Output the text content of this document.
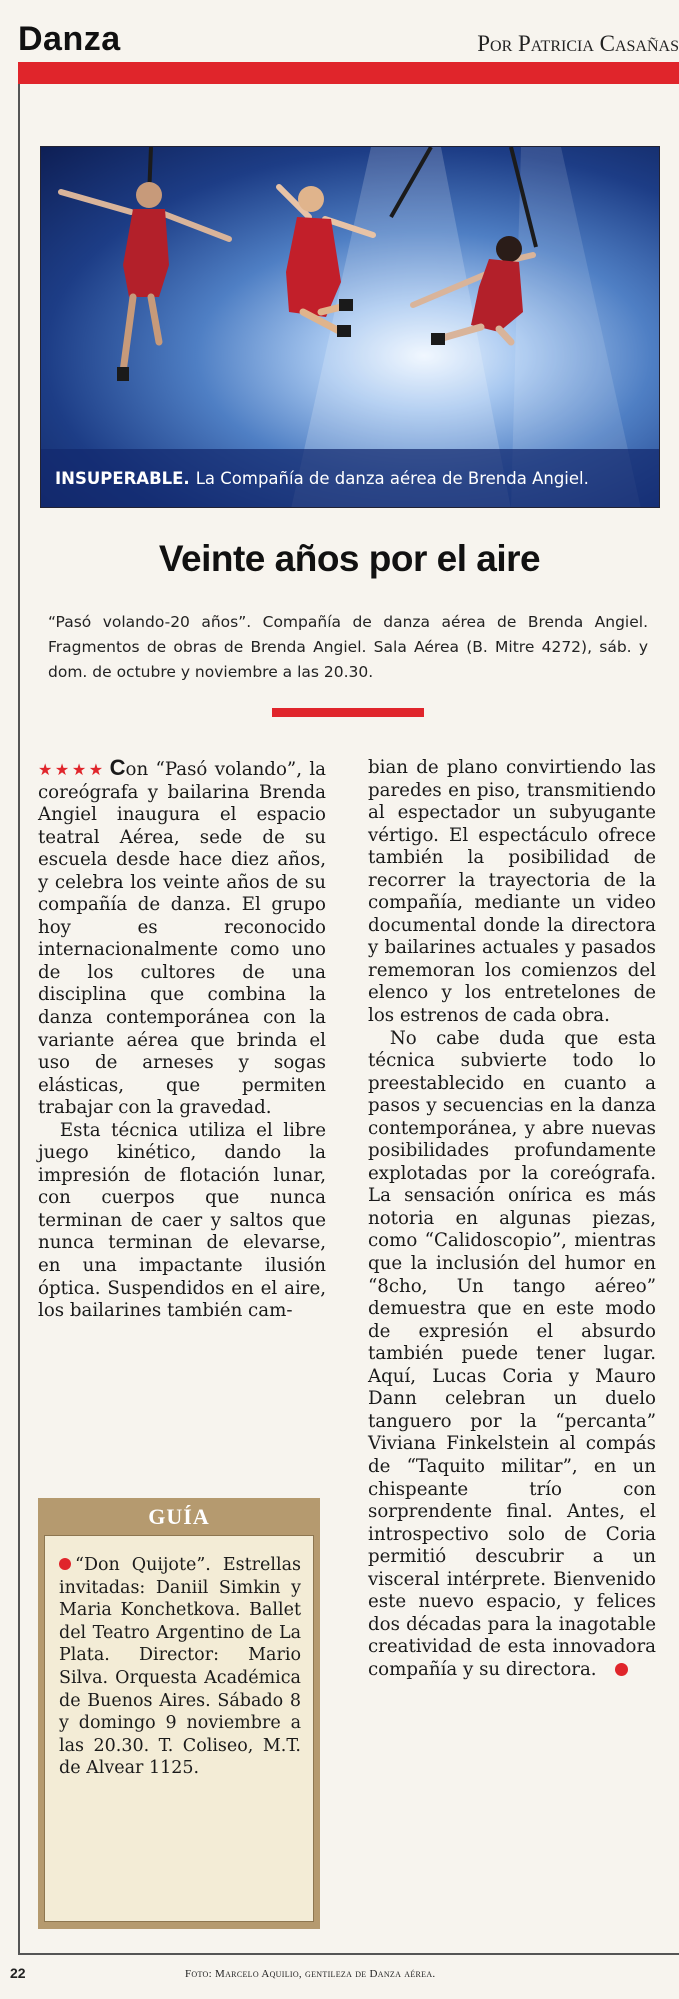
Danza	Por Patricia Casañas
INSUPERABLE. La Compañía de danza aérea de Brenda Angiel.
Veinte años por el aire

“Pasó volando-20 años”. Compañía de danza aérea de Brenda Angiel. Fragmentos de obras de Brenda Angiel. Sala Aérea (B. Mitre 4272), sáb. y dom. de octubre y noviembre a las 20.30.

★★★★ Con “Pasó volando”, la coreógrafa y bailarina Brenda Angiel inaugura el espacio teatral Aérea, sede de su escuela desde hace diez años, y celebra los veinte años de su compañía de danza. El grupo hoy es reconocido internacionalmente como uno de los cultores de una disciplina que combina la danza contemporánea con la variante aérea que brinda el uso de arneses y sogas elásticas, que permiten trabajar con la gravedad.

Esta técnica utiliza el libre juego kinético, dando la impresión de flotación lunar, con cuerpos que nunca terminan de caer y saltos que nunca terminan de elevarse, en una impactante ilusión óptica. Suspendidos en el aire, los bailarines también cam-

bian de plano convirtiendo las paredes en piso, transmitiendo al espectador un subyugante vértigo. El espectáculo ofrece también la posibilidad de recorrer la trayectoria de la compañía, mediante un video documental donde la directora y bailarines actuales y pasados rememoran los comienzos del elenco y los entretelones de los estrenos de cada obra.

No cabe duda que esta técnica subvierte todo lo preestablecido en cuanto a pasos y secuencias en la danza contemporánea, y abre nuevas posibilidades profundamente explotadas por la coreógrafa. La sensación onírica es más notoria en algunas piezas, como “Calidoscopio”, mientras que la inclusión del humor en “8cho, Un tango aéreo” demuestra que en este modo de expresión el absurdo también puede tener lugar. Aquí, Lucas Coria y Mauro Dann celebran un duelo tanguero por la “percanta” Viviana Finkelstein al compás de “Taquito militar”, en un chispeante trío con sorprendente final. Antes, el introspectivo solo de Coria permitió descubrir a un visceral intérprete. Bienvenido este nuevo espacio, y felices dos décadas para la inagotable creatividad de esta innovadora compañía y su directora.

GUÍA
“Don Quijote”. Estrellas invitadas: Daniil Simkin y Maria Konchetkova. Ballet del Teatro Argentino de La Plata. Director: Mario Silva. Orquesta Académica de Buenos Aires. Sábado 8 y domingo 9 noviembre a las 20.30. T. Coliseo, M.T. de Alvear 1125.
22	Foto: Marcelo Aquilio, gentileza de Danza aérea.
